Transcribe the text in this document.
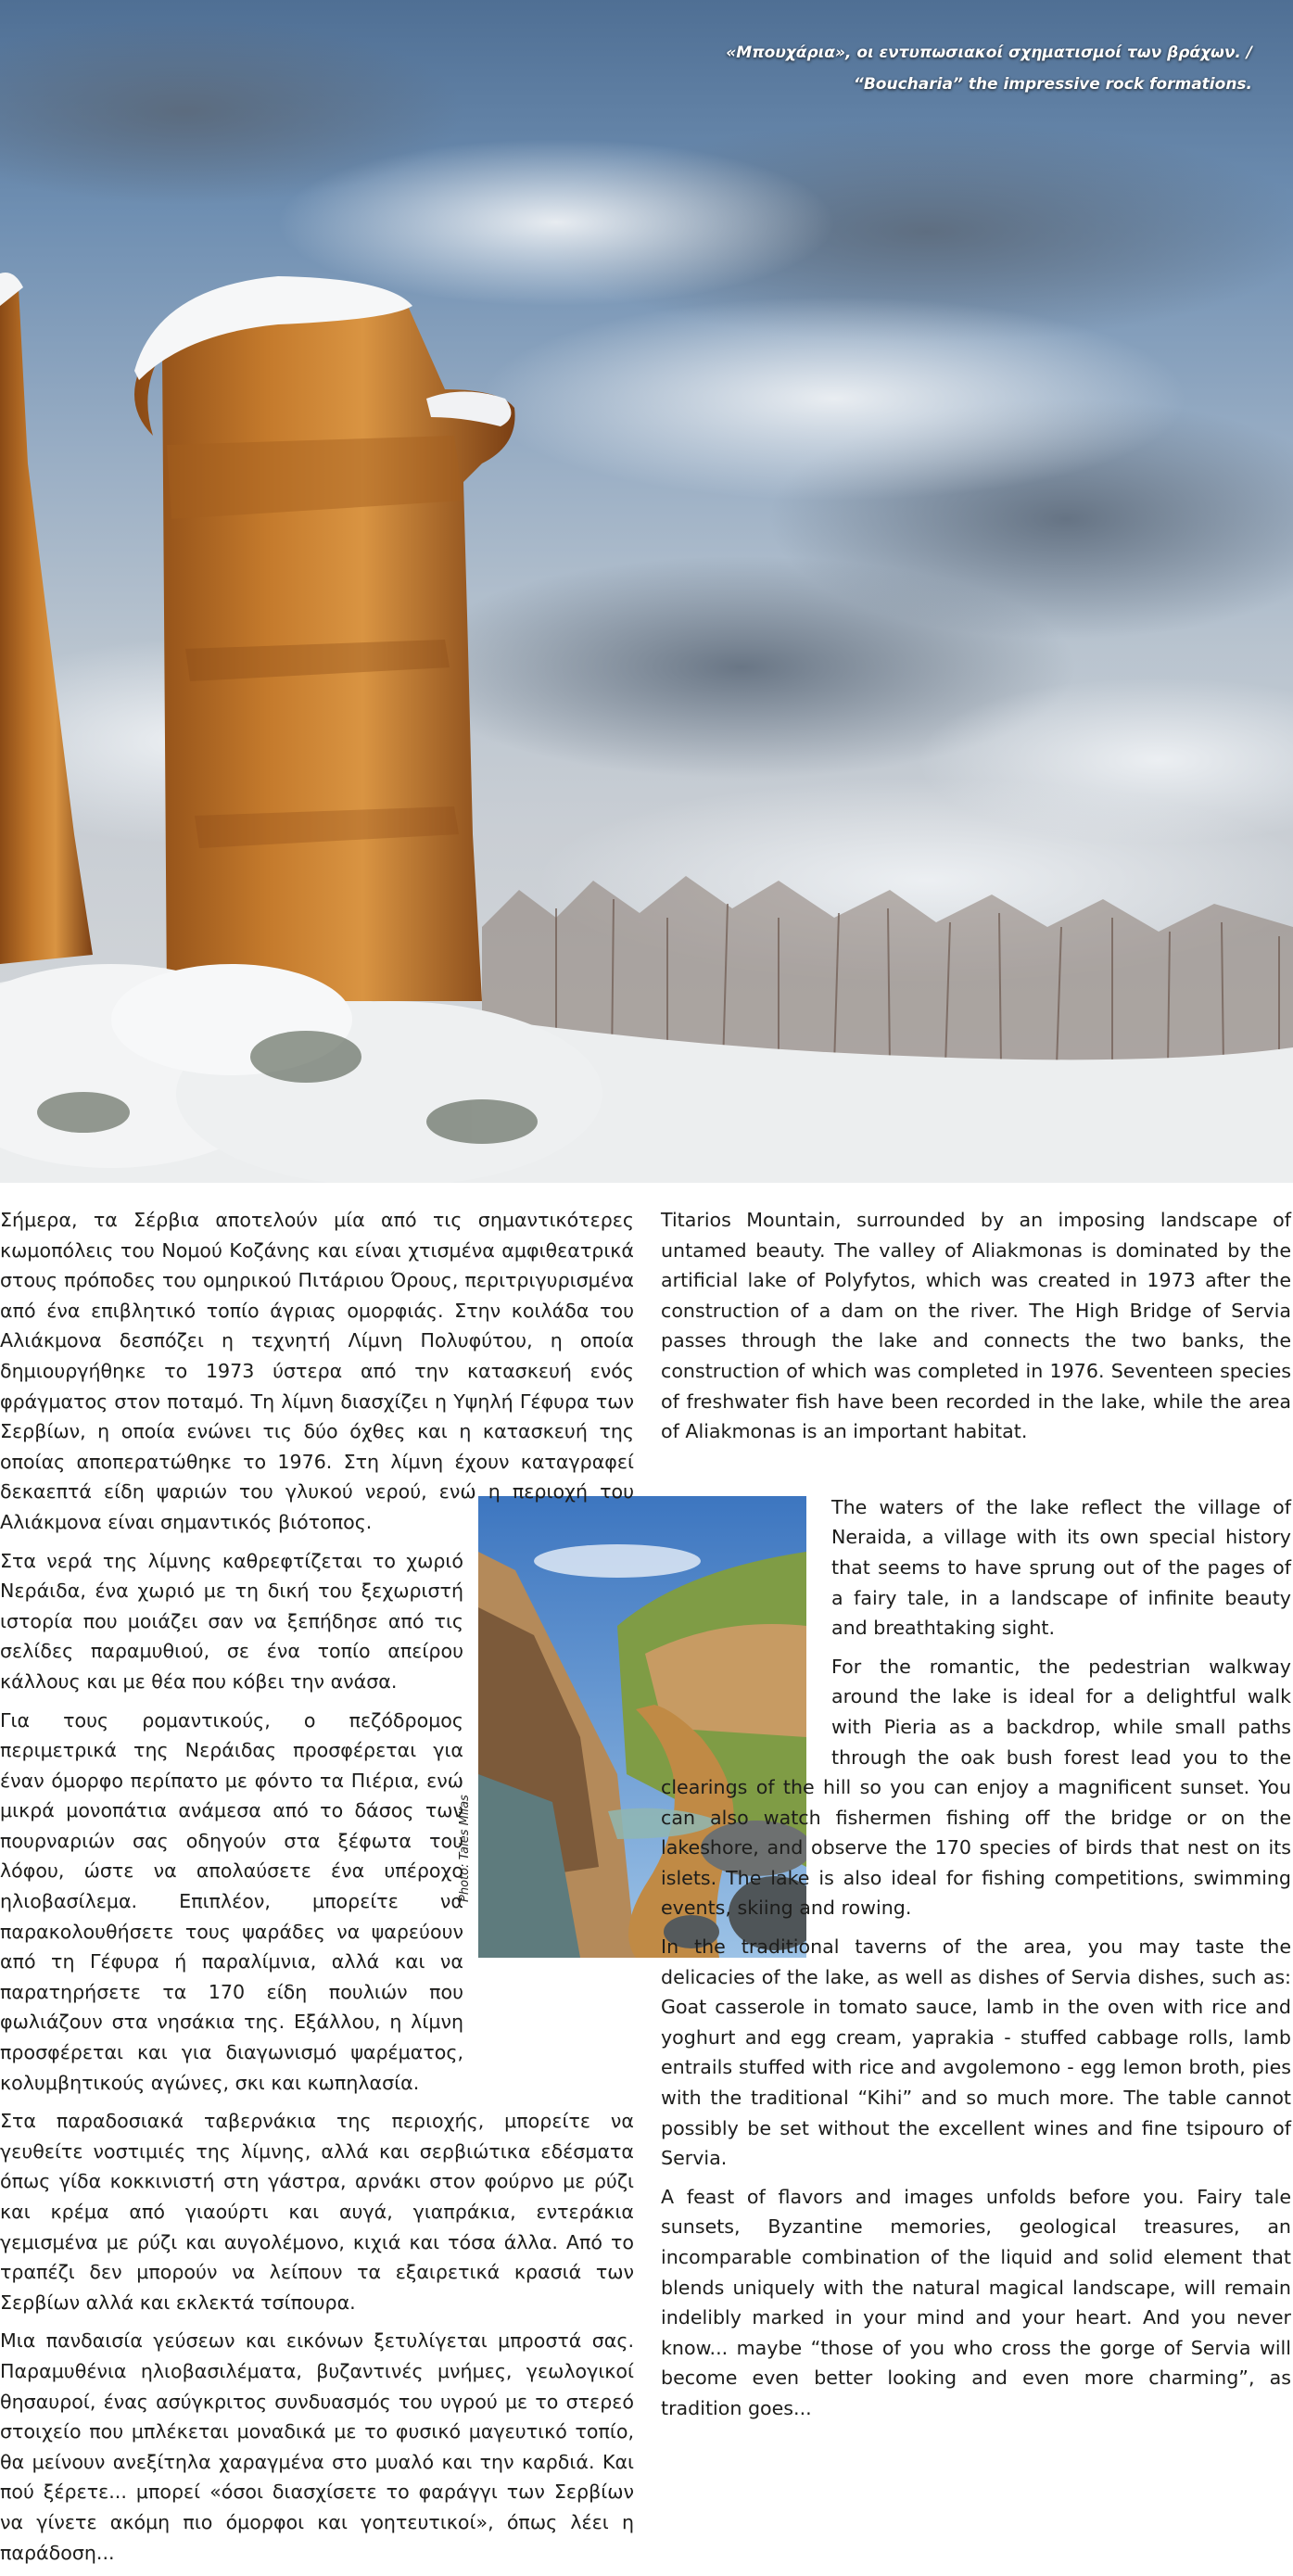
«Μπουχάρια», οι εντυπωσιακοί σχηματισμοί των βράχων. /
“Boucharia” the impressive rock formations.
Photo: Tales Milas

Σήμερα, τα Σέρβια αποτελούν μία από τις σημαντικότερες κωμοπόλεις του Νομού Κοζάνης και είναι χτισμένα αμφιθεατρικά στους πρόποδες του ομηρικού Πιτάριου Όρους, περιτριγυρισμένα από ένα επιβλητικό τοπίο άγριας ομορφιάς. Στην κοιλάδα του Αλιάκμονα δεσπόζει η τεχνητή Λίμνη Πολυφύτου, η οποία δημιουργήθηκε το 1973 ύστερα από την κατασκευή ενός φράγματος στον ποταμό. Τη λίμνη διασχίζει η Υψηλή Γέφυρα των Σερβίων, η οποία ενώνει τις δύο όχθες και η κατασκευή της οποίας αποπερατώθηκε το 1976. Στη λίμνη έχουν καταγραφεί δεκαεπτά είδη ψαριών του γλυκού νερού, ενώ η περιοχή του Αλιάκμονα είναι σημαντικός βιότοπος.

Στα νερά της λίμνης καθρεφτίζεται το χωριό Νεράιδα, ένα χωριό με τη δική του ξεχωριστή ιστορία που μοιάζει σαν να ξεπήδησε από τις σελίδες παραμυθιού, σε ένα τοπίο απείρου κάλλους και με θέα που κόβει την ανάσα.

Για τους ρομαντικούς, ο πεζόδρομος περιμετρικά της Νεράιδας προσφέρεται για έναν όμορφο περίπατο με φόντο τα Πιέρια, ενώ μικρά μονοπάτια ανάμεσα από το δάσος των πουρναριών σας οδηγούν στα ξέφωτα του λόφου, ώστε να απολαύσετε ένα υπέροχο ηλιοβασίλεμα. Επιπλέον, μπορείτε να παρακολουθήσετε τους ψαράδες να ψαρεύουν από τη Γέφυρα ή παραλίμνια, αλλά και να παρατηρήσετε τα 170 είδη πουλιών που φωλιάζουν στα νησάκια της. Εξάλλου, η λίμνη προσφέρεται και για διαγωνισμό ψαρέματος, κολυμβητικούς αγώνες, σκι και κωπηλασία.

Στα παραδοσιακά ταβερνάκια της περιοχής, μπορείτε να γευθείτε νοστιμιές της λίμνης, αλλά και σερβιώτικα εδέσματα όπως γίδα κοκκινιστή στη γάστρα, αρνάκι στον φούρνο με ρύζι και κρέμα από γιαούρτι και αυγά, γιαπράκια, εντεράκια γεμισμένα με ρύζι και αυγολέμονο, κιχιά και τόσα άλλα. Από το τραπέζι δεν μπορούν να λείπουν τα εξαιρετικά κρασιά των Σερβίων αλλά και εκλεκτά τσίπουρα.

Μια πανδαισία γεύσεων και εικόνων ξετυλίγεται μπροστά σας. Παραμυθένια ηλιοβασιλέματα, βυζαντινές μνήμες, γεωλογικοί θησαυροί, ένας ασύγκριτος συνδυασμός του υγρού με το στερεό στοιχείο που μπλέκεται μοναδικά με το φυσικό μαγευτικό τοπίο, θα μείνουν ανεξίτηλα χαραγμένα στο μυαλό και την καρδιά. Και πού ξέρετε... μπορεί «όσοι διασχίσετε το φαράγγι των Σερβίων να γίνετε ακόμη πιο όμορφοι και γοητευτικοί», όπως λέει η παράδοση...

Titarios Mountain, surrounded by an imposing landscape of untamed beauty. The valley of Aliakmonas is dominated by the artificial lake of Polyfytos, which was created in 1973 after the construction of a dam on the river. The High Bridge of Servia passes through the lake and connects the two banks, the construction of which was completed in 1976. Seventeen species of freshwater fish have been recorded in the lake, while the area of Aliakmonas is an important habitat.

The waters of the lake reflect the village of Neraida, a village with its own special history that seems to have sprung out of the pages of a fairy tale, in a landscape of infinite beauty and breathtaking sight.

For the romantic, the pedestrian walkway around the lake is ideal for a delightful walk with Pieria as a backdrop, while small paths through the oak bush forest lead you to the clearings of the hill so you can enjoy a magnificent sunset. You can also watch fishermen fishing off the bridge or on the lakeshore, and observe the 170 species of birds that nest on its islets. The lake is also ideal for fishing competitions, swimming events, skiing and rowing.

In the traditional taverns of the area, you may taste the delicacies of the lake, as well as dishes of Servia dishes, such as: Goat casserole in tomato sauce, lamb in the oven with rice and yoghurt and egg cream, yaprakia - stuffed cabbage rolls, lamb entrails stuffed with rice and avgolemono - egg lemon broth, pies with the traditional “Kihi” and so much more. The table cannot possibly be set without the excellent wines and fine tsipouro of Servia.

A feast of flavors and images unfolds before you. Fairy tale sunsets, Byzantine memories, geological treasures, an incomparable combination of the liquid and solid element that blends uniquely with the natural magical landscape, will remain indelibly marked in your mind and your heart. And you never know... maybe “those of you who cross the gorge of Servia will become even better looking and even more charming”, as tradition goes...
